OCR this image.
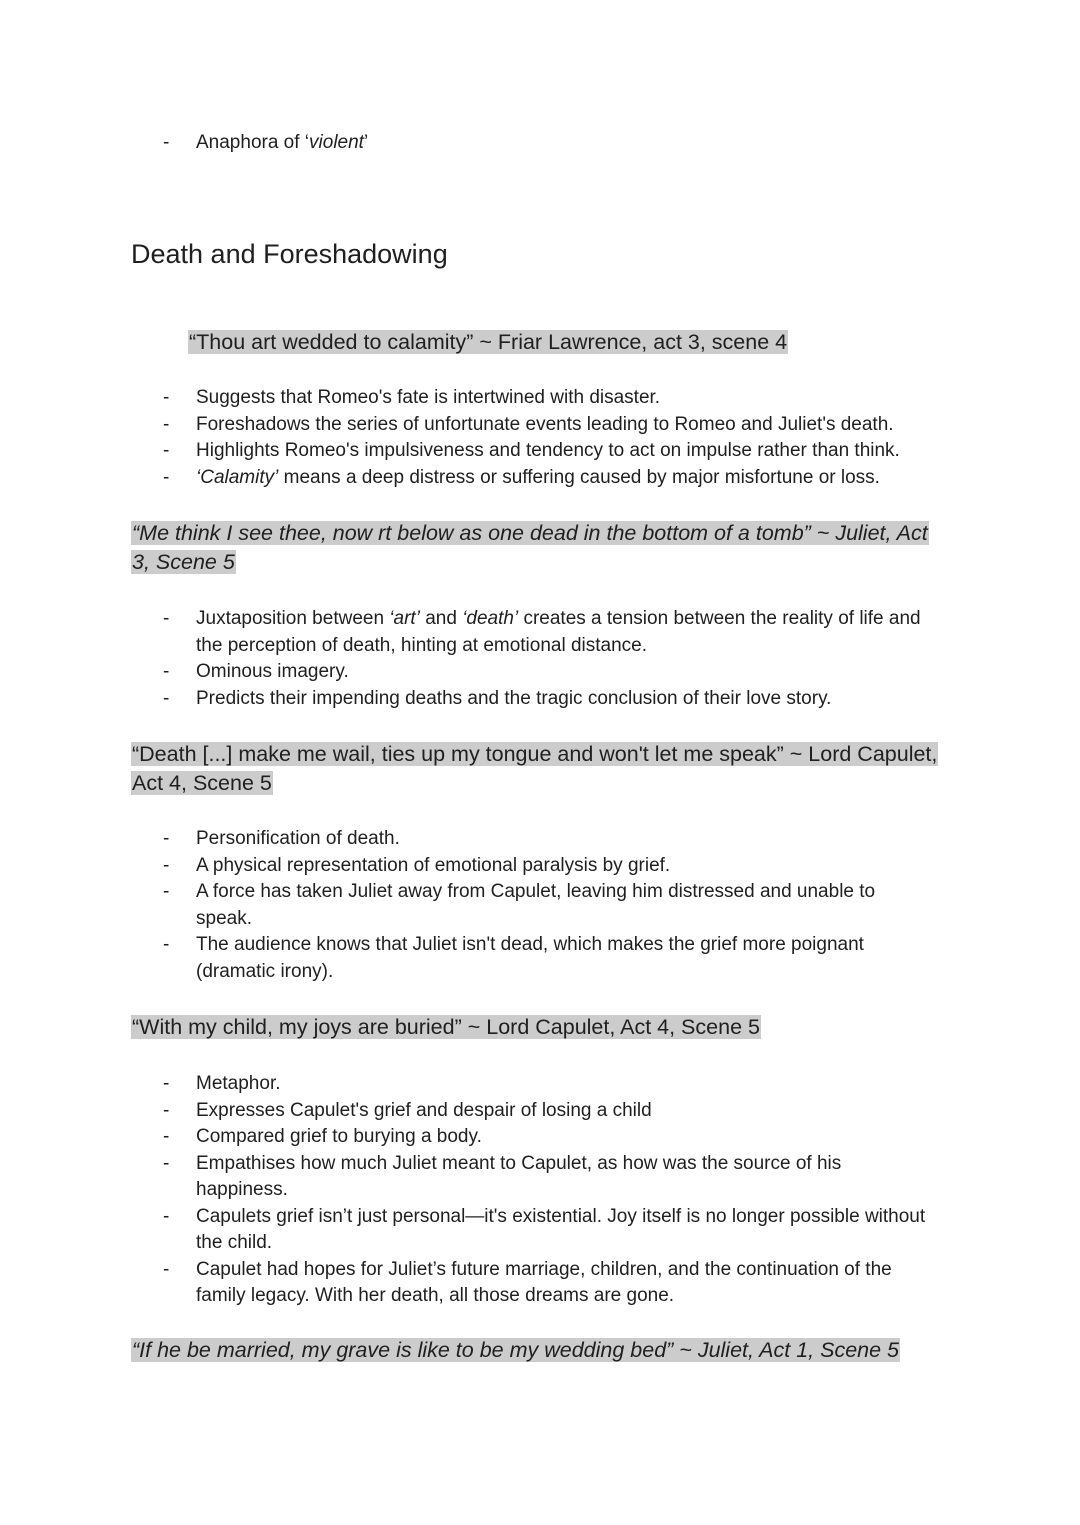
- Anaphora of ‘violent’
Death and Foreshadowing

“Thou art wedded to calamity” ~ Friar Lawrence, act 3, scene 4

- Suggests that Romeo's fate is intertwined with disaster.
- Foreshadows the series of unfortunate events leading to Romeo and Juliet's death.
- Highlights Romeo's impulsiveness and tendency to act on impulse rather than think.
- ‘Calamity’ means a deep distress or suffering caused by major misfortune or loss.

“Me think I see thee, now rt below as one dead in the bottom of a tomb” ~ Juliet, Act 3, Scene 5

- Juxtaposition between ‘art’ and ‘death’ creates a tension between the reality of life and the perception of death, hinting at emotional distance.
- Ominous imagery.
- Predicts their impending deaths and the tragic conclusion of their love story.

“Death [...] make me wail, ties up my tongue and won't let me speak” ~ Lord Capulet, Act 4, Scene 5

- Personification of death.
- A physical representation of emotional paralysis by grief.
- A force has taken Juliet away from Capulet, leaving him distressed and unable to speak.
- The audience knows that Juliet isn't dead, which makes the grief more poignant (dramatic irony).

“With my child, my joys are buried” ~ Lord Capulet, Act 4, Scene 5

- Metaphor.
- Expresses Capulet's grief and despair of losing a child
- Compared grief to burying a body.
- Empathises how much Juliet meant to Capulet, as how was the source of his happiness.
- Capulets grief isn’t just personal—it's existential. Joy itself is no longer possible without the child.
- Capulet had hopes for Juliet’s future marriage, children, and the continuation of the family legacy. With her death, all those dreams are gone.

“If he be married, my grave is like to be my wedding bed” ~ Juliet, Act 1, Scene 5
